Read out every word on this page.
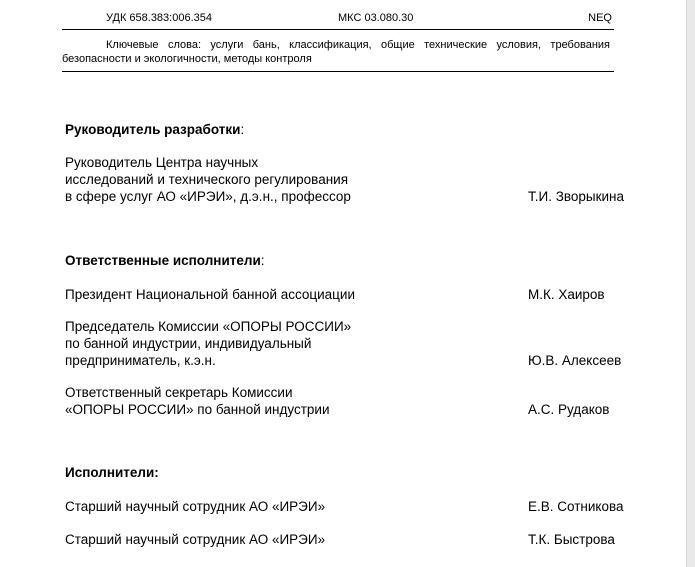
УДК 658.383:006.354	МКС 03.080.30	NEQ
Ключевые слова: услуги бань, классификация, общие технические условия, требования безопасности и экологичности, методы контроля
Руководитель разработки:
Руководитель Центра научных
исследований и технического регулирования
в сфере услуг АО «ИРЭИ», д.э.н., профессор	Т.И. Зворыкина
Ответственные исполнители:
Президент Национальной банной ассоциации	М.К. Хаиров
Председатель Комиссии «ОПОРЫ РОССИИ»
по банной индустрии, индивидуальный
предприниматель, к.э.н.	Ю.В. Алексеев
Ответственный секретарь Комиссии
«ОПОРЫ РОССИИ» по банной индустрии	А.С. Рудаков
Исполнители:
Старший научный сотрудник АО «ИРЭИ»	Е.В. Сотникова
Старший научный сотрудник АО «ИРЭИ»	Т.К. Быстрова
